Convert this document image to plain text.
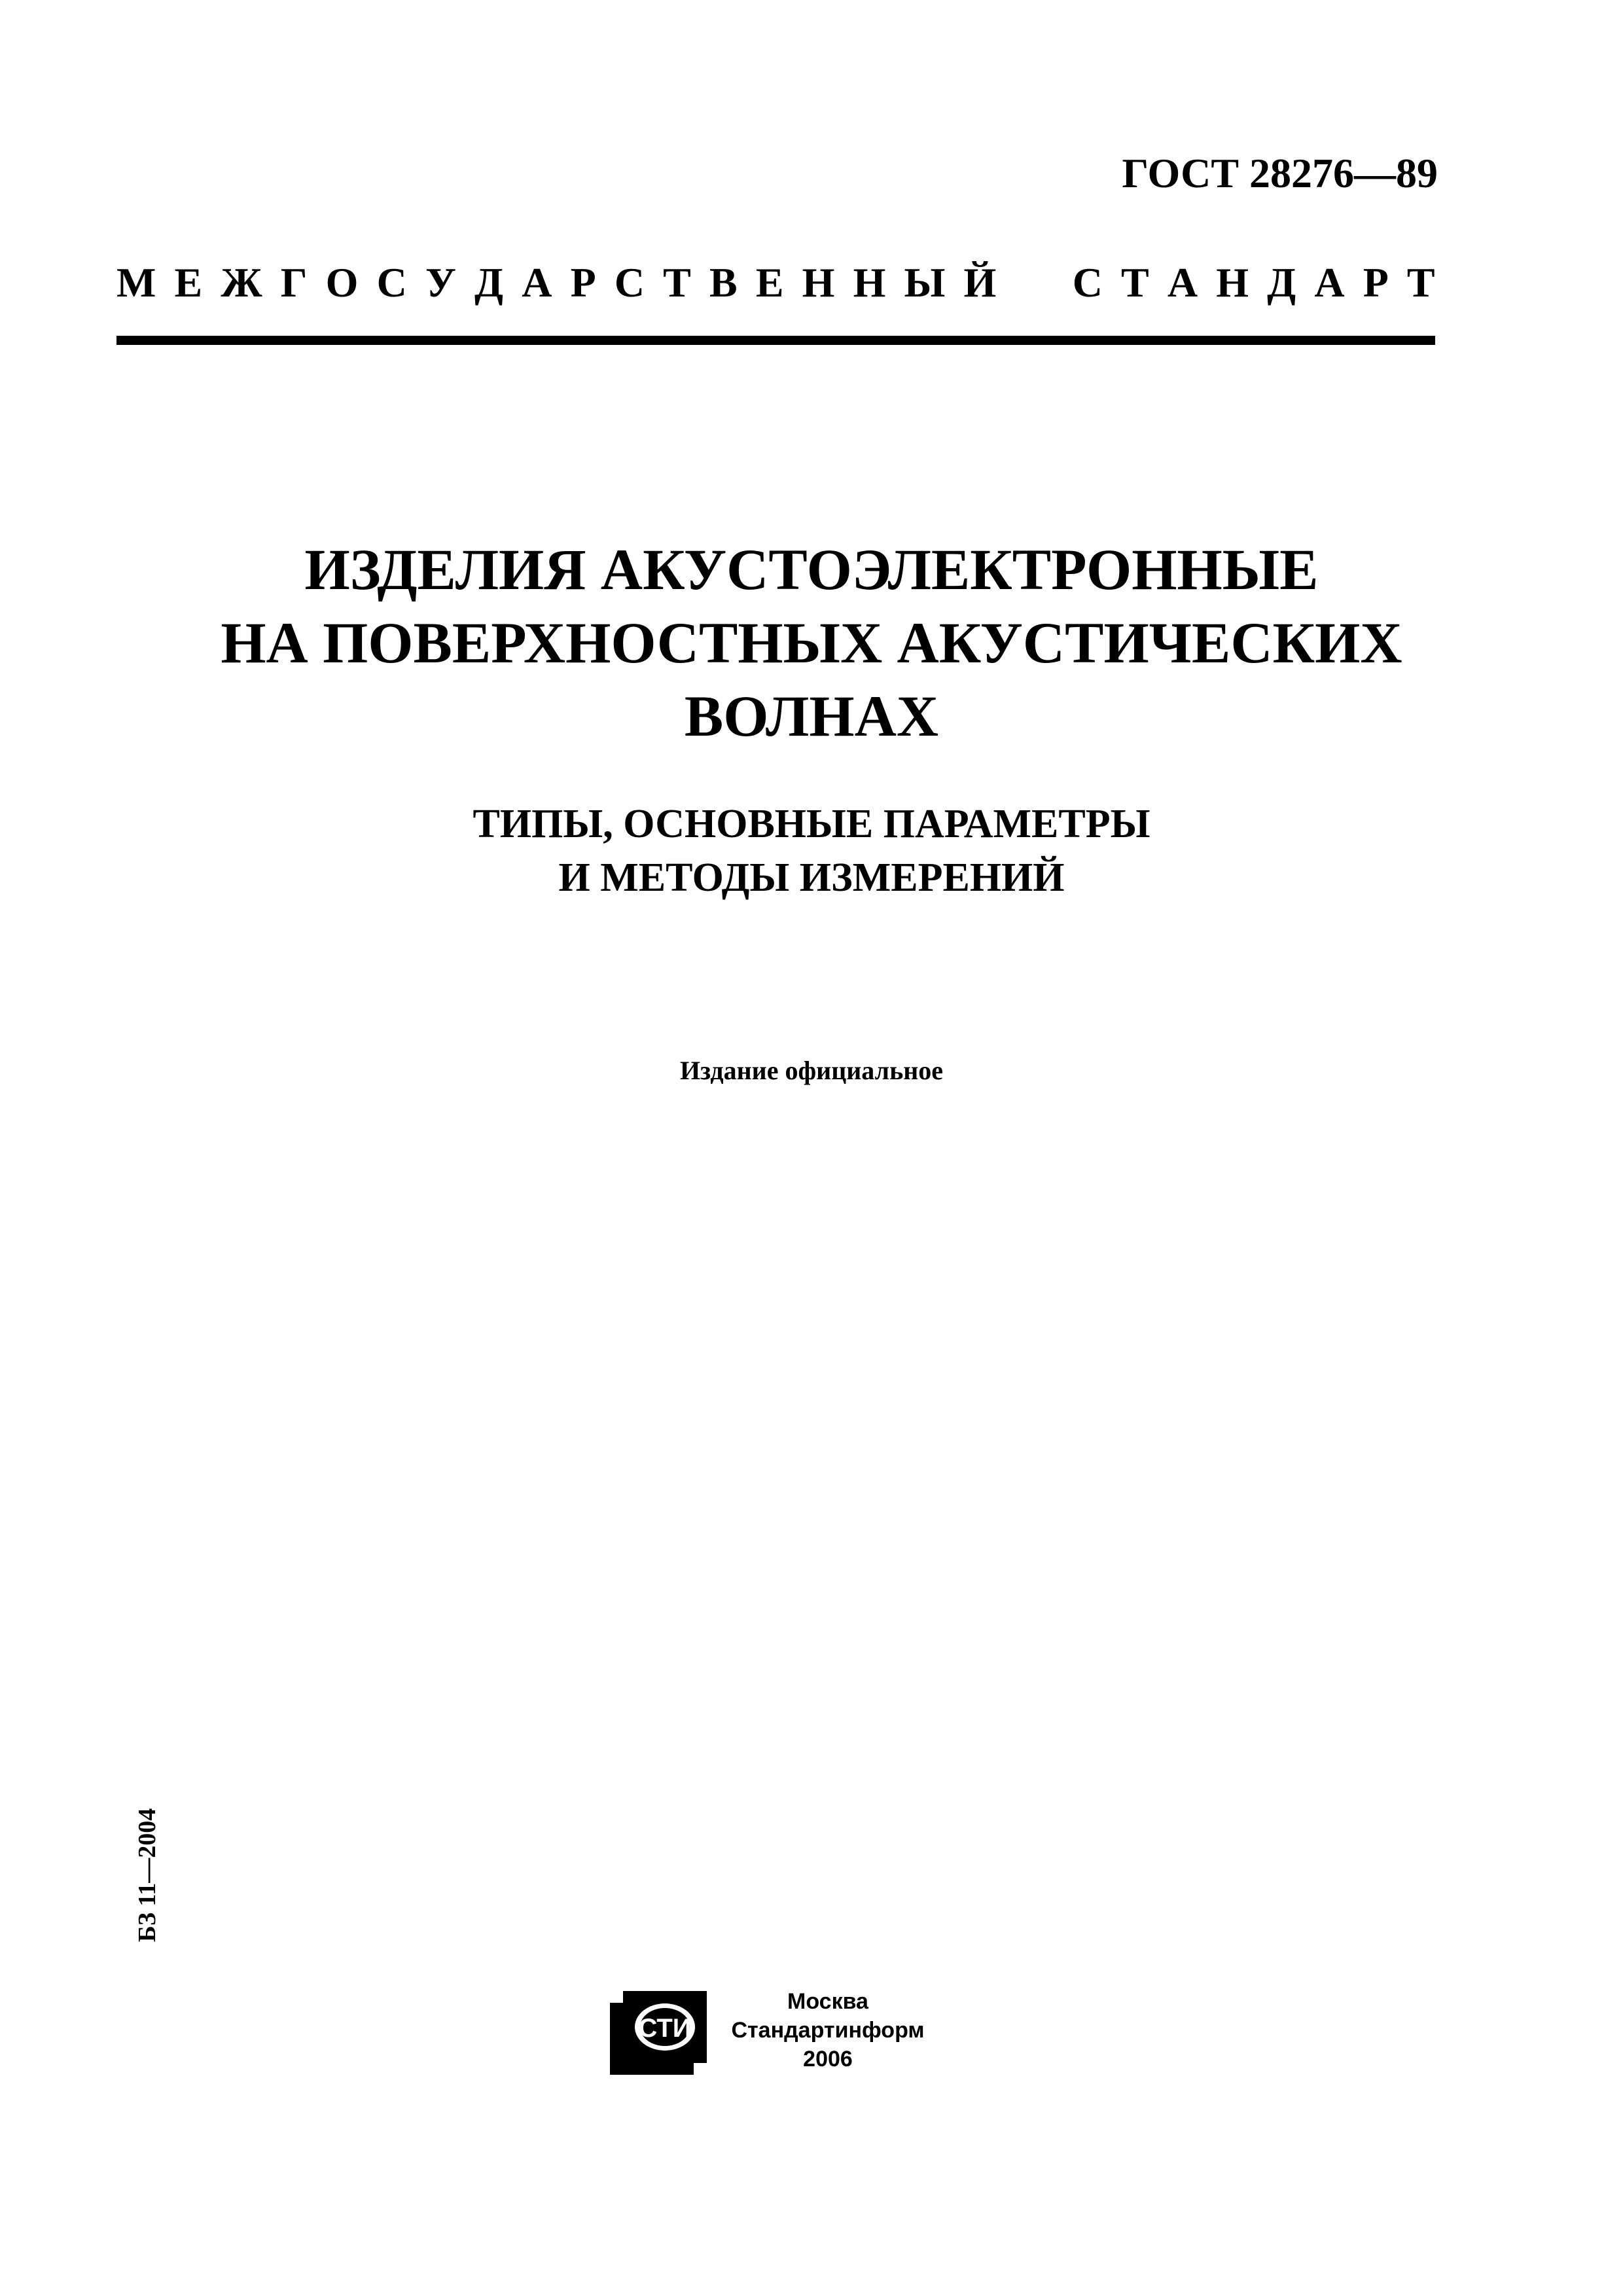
ГОСТ 28276—89
М Е Ж Г О С У Д А Р С Т В Е Н Н Ы Й

С Т А Н Д А Р Т
ИЗДЕЛИЯ АКУСТОЭЛЕКТРОННЫЕ
НА ПОВЕРХНОСТНЫХ АКУСТИЧЕСКИХ
ВОЛНАХ
ТИПЫ, ОСНОВНЫЕ ПАРАМЕТРЫ
И МЕТОДЫ ИЗМЕРЕНИЙ
Издание официальное
БЗ 11—2004
СТИ
Москва
Стандартинформ
2006
